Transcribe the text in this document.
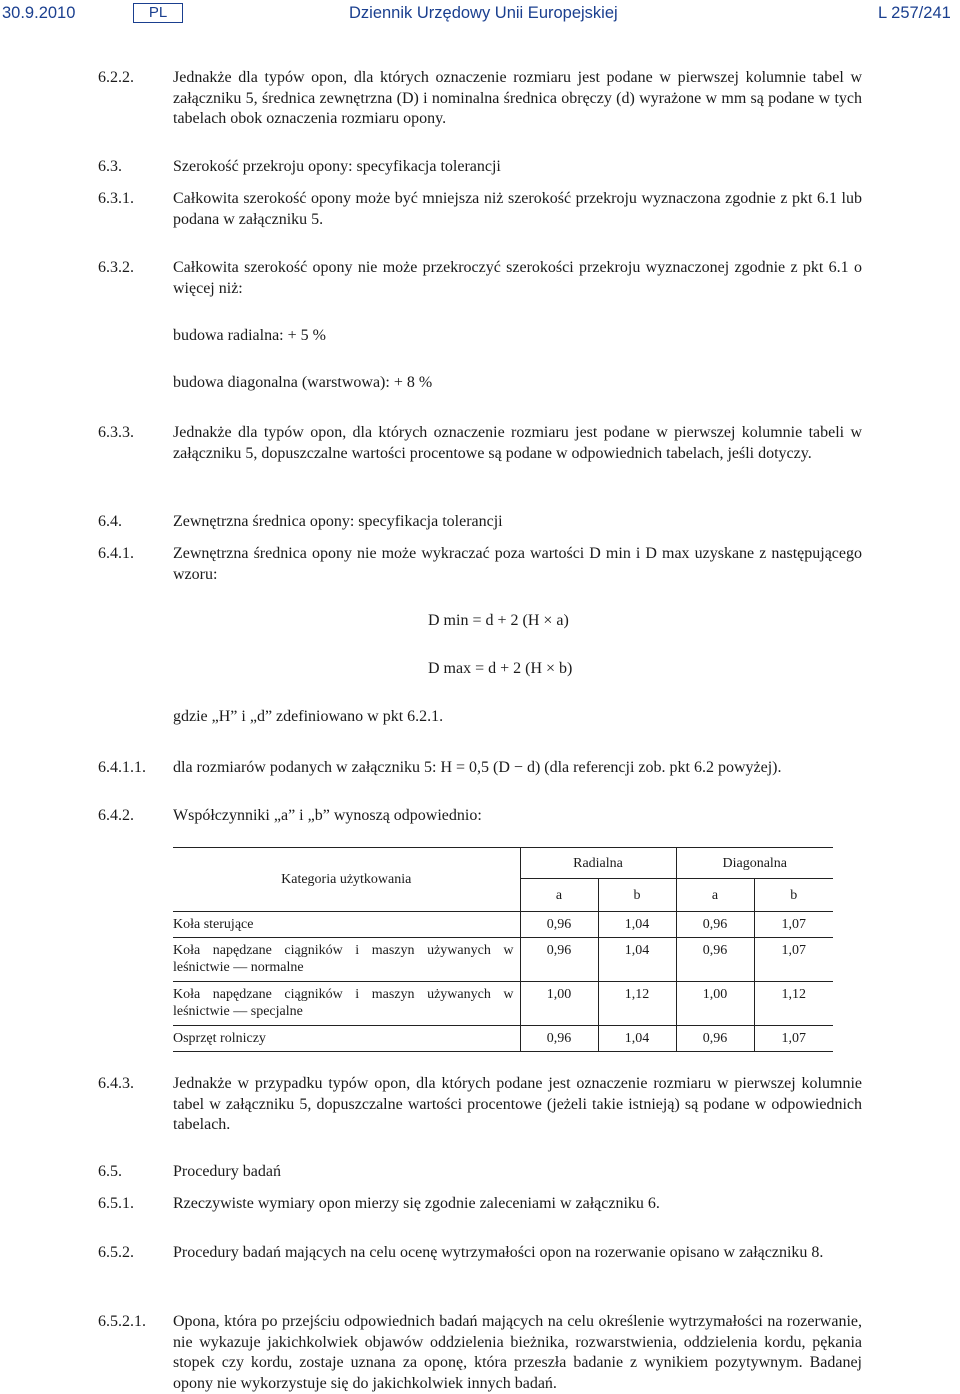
30.9.2010	PL	Dziennik Urzędowy Unii Europejskiej	L 257/241
6.2.2. Jednakże dla typów opon, dla których oznaczenie rozmiaru jest podane w pierwszej kolumnie tabel w załączniku 5, średnica zewnętrzna (D) i nominalna średnica obręczy (d) wyrażone w mm są podane w tych tabelach obok oznaczenia rozmiaru opony.
6.3.	Szerokość przekroju opony: specyfikacja tolerancji
6.3.1. Całkowita szerokość opony może być mniejsza niż szerokość przekroju wyznaczona zgodnie z pkt 6.1 lub podana w załączniku 5.
6.3.2. Całkowita szerokość opony nie może przekroczyć szerokości przekroju wyznaczonej zgodnie z pkt 6.1 o więcej niż:
budowa radialna: + 5 %
budowa diagonalna (warstwowa): + 8 %
6.3.3. Jednakże dla typów opon, dla których oznaczenie rozmiaru jest podane w pierwszej kolumnie tabeli w załączniku 5, dopuszczalne wartości procentowe są podane w odpowiednich tabelach, jeśli dotyczy.
6.4.	Zewnętrzna średnica opony: specyfikacja tolerancji
6.4.1. Zewnętrzna średnica opony nie może wykraczać poza wartości D min i D max uzyskane z następującego wzoru:
D min = d + 2 (H × a)
D max = d + 2 (H × b)
gdzie „H” i „d” zdefiniowano w pkt 6.2.1.
6.4.1.1. dla rozmiarów podanych w załączniku 5: H = 0,5 (D − d) (dla referencji zob. pkt 6.2 powyżej).
6.4.2. Współczynniki „a” i „b” wynoszą odpowiednio:
Kategoria użytkowania	Radialna		Diagonalna	
	a	b	a	b
Koła sterujące	0,96	1,04	0,96	1,07
Koła napędzane ciągników i maszyn używanych w leśnictwie — normalne	0,96	1,04	0,96	1,07
Koła napędzane ciągników i maszyn używanych w leśnictwie — specjalne	1,00	1,12	1,00	1,12
Osprzęt rolniczy	0,96	1,04	0,96	1,07
6.4.3. Jednakże w przypadku typów opon, dla których podane jest oznaczenie rozmiaru w pierwszej kolumnie tabel w załączniku 5, dopuszczalne wartości procentowe (jeżeli takie istnieją) są podane w odpowiednich tabelach.
6.5.	Procedury badań
6.5.1. Rzeczywiste wymiary opon mierzy się zgodnie zaleceniami w załączniku 6.
6.5.2. Procedury badań mających na celu ocenę wytrzymałości opon na rozerwanie opisano w załączniku 8.
6.5.2.1. Opona, która po przejściu odpowiednich badań mających na celu określenie wytrzymałości na rozerwanie, nie wykazuje jakichkolwiek objawów oddzielenia bieżnika, rozwarstwienia, oddzielenia kordu, pękania stopek czy kordu, zostaje uznana za oponę, która przeszła badanie z wynikiem pozytywnym. Badanej opony nie wykorzystuje się do jakichkolwiek innych badań.
